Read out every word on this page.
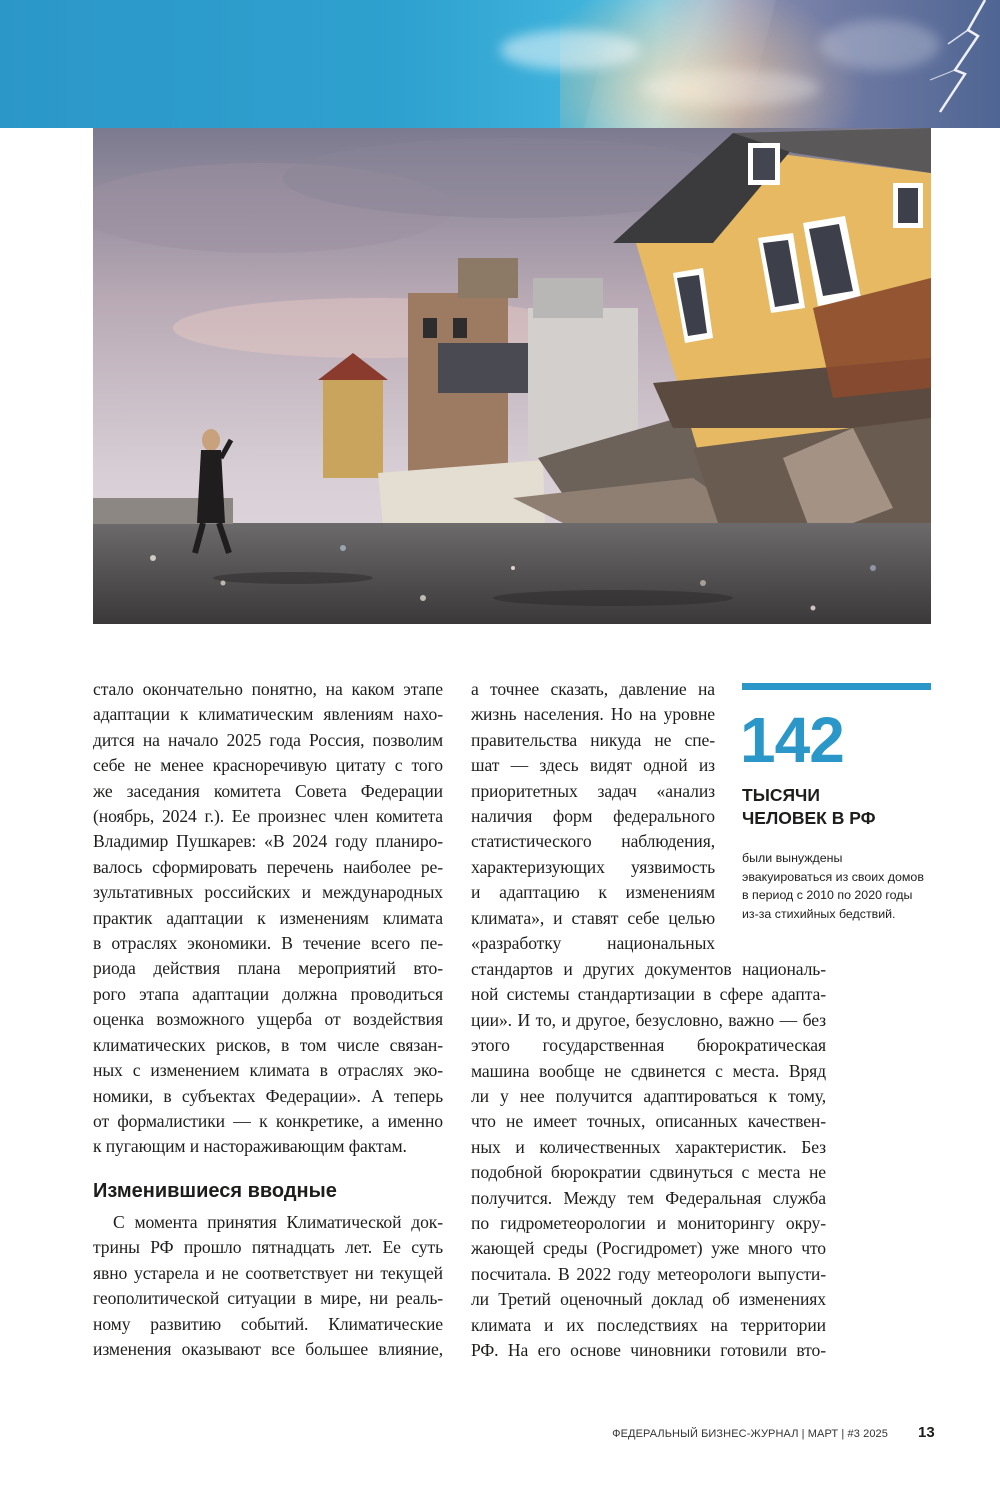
стало окончательно понятно, на каком этапе
адаптации к климатическим явлениям нахо-
дится на начало 2025 года Россия, позволим
себе не менее красноречивую цитату с того
же заседания комитета Совета Федерации
(ноябрь, 2024 г.). Ее произнес член комитета
Владимир Пушкарев: «В 2024 году планиро-
валось сформировать перечень наиболее ре-
зультативных российских и международных
практик адаптации к изменениям климата
в отраслях экономики. В течение всего пе-
риода действия плана мероприятий вто-
рого этапа адаптации должна проводиться
оценка возможного ущерба от воздействия
климатических рисков, в том числе связан-
ных с изменением климата в отраслях эко-
номики, в субъектах Федерации». А теперь
от формалистики — к конкретике, а именно
к пугающим и настораживающим фактам.
Изменившиеся вводные
С момента принятия Климатической док-
трины РФ прошло пятнадцать лет. Ее суть
явно устарела и не соответствует ни текущей
геополитической ситуации в мире, ни реаль-
ному развитию событий. Климатические
изменения оказывают все большее влияние,
а точнее сказать, давление на
жизнь населения. Но на уровне
правительства никуда не спе-
шат — здесь видят одной из
приоритетных задач «анализ
наличия форм федерального
статистического наблюдения,
характеризующих уязвимость
и адаптацию к изменениям
климата», и ставят себе целью
«разработку национальных
стандартов и других документов националь-
ной системы стандартизации в сфере адапта-
ции». И то, и другое, безусловно, важно — без
этого государственная бюрократическая
машина вообще не сдвинется с места. Вряд
ли у нее получится адаптироваться к тому,
что не имеет точных, описанных качествен-
ных и количественных характеристик. Без
подобной бюрократии сдвинуться с места не
получится. Между тем Федеральная служба
по гидрометеорологии и мониторингу окру-
жающей среды (Росгидромет) уже много что
посчитала. В 2022 году метеорологи выпусти-
ли Третий оценочный доклад об изменениях
климата и их последствиях на территории
РФ. На его основе чиновники готовили вто-
142
ТЫСЯЧИ
ЧЕЛОВЕК В РФ
были вынуждены
эвакуироваться из своих домов
в период с 2010 по 2020 годы
из-за стихийных бедствий.
ФЕДЕРАЛЬНЫЙ БИЗНЕС-ЖУРНАЛ | МАРТ | #3 2025 13
